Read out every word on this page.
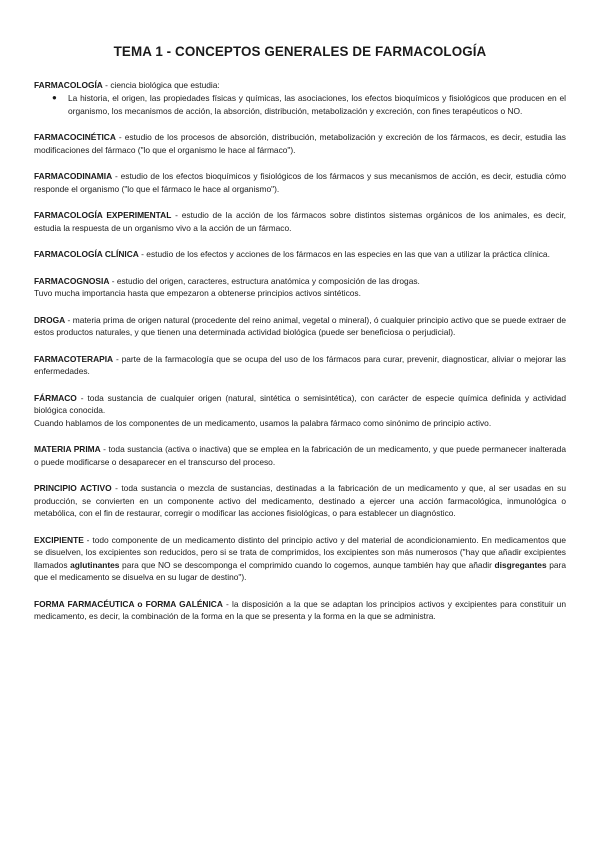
TEMA 1 - CONCEPTOS GENERALES DE FARMACOLOGÍA

FARMACOLOGÍA - ciencia biológica que estudia:

● La historia, el origen, las propiedades físicas y químicas, las asociaciones, los efectos bioquímicos y fisiológicos que producen en el organismo, los mecanismos de acción, la absorción, distribución, metabolización y excreción, con fines terapéuticos o NO.

FARMACOCINÉTICA - estudio de los procesos de absorción, distribución, metabolización y excreción de los fármacos, es decir, estudia las modificaciones del fármaco ("lo que el organismo le hace al fármaco").

FARMACODINAMIA - estudio de los efectos bioquímicos y fisiológicos de los fármacos y sus mecanismos de acción, es decir, estudia cómo responde el organismo ("lo que el fármaco le hace al organismo").

FARMACOLOGÍA EXPERIMENTAL - estudio de la acción de los fármacos sobre distintos sistemas orgánicos de los animales, es decir, estudia la respuesta de un organismo vivo a la acción de un fármaco.

FARMACOLOGÍA CLÍNICA - estudio de los efectos y acciones de los fármacos en las especies en las que van a utilizar la práctica clínica.

FARMACOGNOSIA - estudio del origen, caracteres, estructura anatómica y composición de las drogas.

Tuvo mucha importancia hasta que empezaron a obtenerse principios activos sintéticos.

DROGA - materia prima de origen natural (procedente del reino animal, vegetal o mineral), ó cualquier principio activo que se puede extraer de estos productos naturales, y que tienen una determinada actividad biológica (puede ser beneficiosa o perjudicial).

FARMACOTERAPIA - parte de la farmacología que se ocupa del uso de los fármacos para curar, prevenir, diagnosticar, aliviar o mejorar las enfermedades.

FÁRMACO - toda sustancia de cualquier origen (natural, sintética o semisintética), con carácter de especie química definida y actividad biológica conocida.

Cuando hablamos de los componentes de un medicamento, usamos la palabra fármaco como sinónimo de principio activo.

MATERIA PRIMA - toda sustancia (activa o inactiva) que se emplea en la fabricación de un medicamento, y que puede permanecer inalterada o puede modificarse o desaparecer en el transcurso del proceso.

PRINCIPIO ACTIVO - toda sustancia o mezcla de sustancias, destinadas a la fabricación de un medicamento y que, al ser usadas en su producción, se convierten en un componente activo del medicamento, destinado a ejercer una acción farmacológica, inmunológica o metabólica, con el fin de restaurar, corregir o modificar las acciones fisiológicas, o para establecer un diagnóstico.

EXCIPIENTE - todo componente de un medicamento distinto del principio activo y del material de acondicionamiento. En medicamentos que se disuelven, los excipientes son reducidos, pero si se trata de comprimidos, los excipientes son más numerosos ("hay que añadir excipientes llamados aglutinantes para que NO se descomponga el comprimido cuando lo cogemos, aunque también hay que añadir disgregantes para que el medicamento se disuelva en su lugar de destino").

FORMA FARMACÉUTICA o FORMA GALÉNICA - la disposición a la que se adaptan los principios activos y excipientes para constituir un medicamento, es decir, la combinación de la forma en la que se presenta y la forma en la que se administra.
